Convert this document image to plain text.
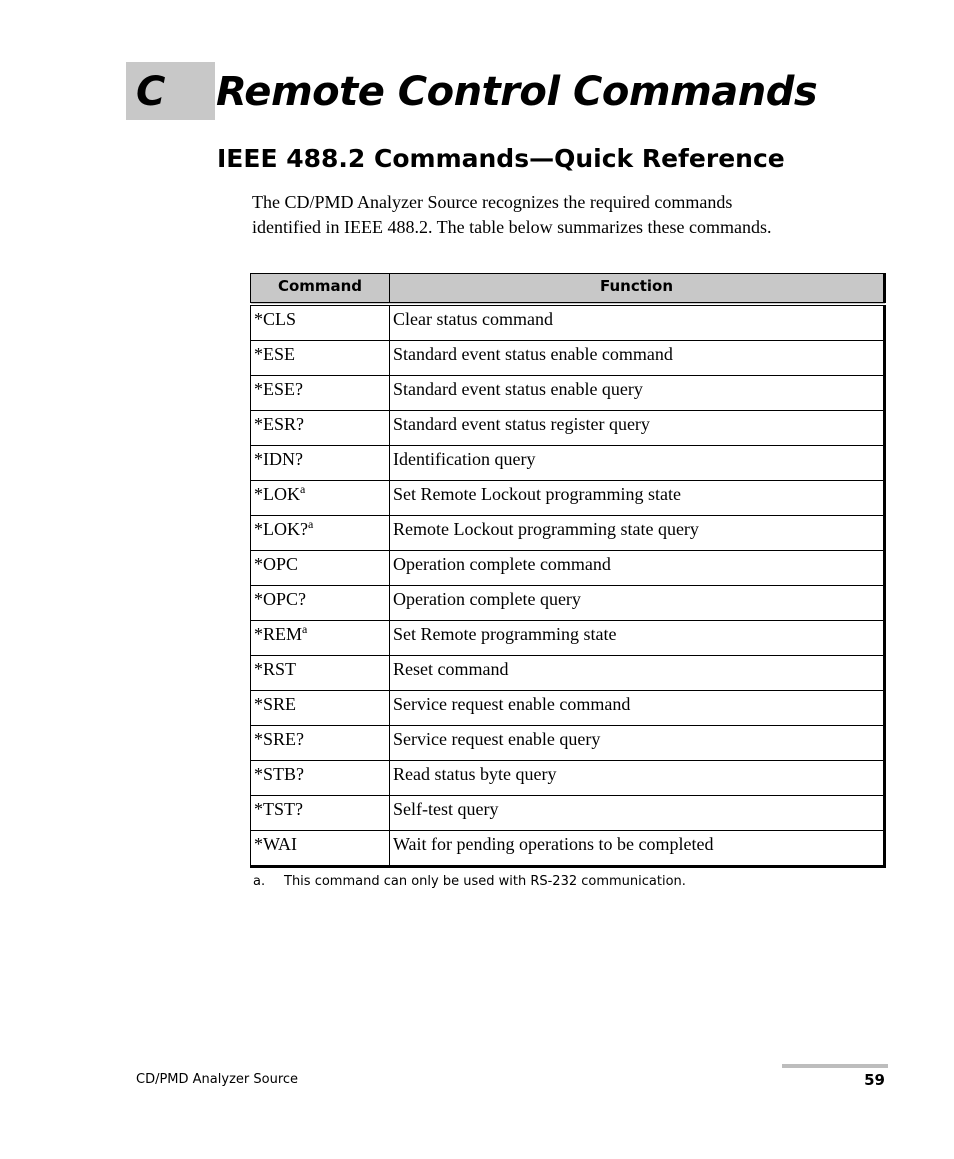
C Remote Control Commands
IEEE 488.2 Commands—Quick Reference
The CD/PMD Analyzer Source recognizes the required commands
identified in IEEE 488.2. The table below summarizes these commands.
Command	Function
*CLS	Clear status command
*ESE	Standard event status enable command
*ESE?	Standard event status enable query
*ESR?	Standard event status register query
*IDN?	Identification query
*LOK$^a$	Set Remote Lockout programming state
*LOK?$^a$	Remote Lockout programming state query
*OPC	Operation complete command
*OPC?	Operation complete query
*REM$^a$	Set Remote programming state
*RST	Reset command
*SRE	Service request enable command
*SRE?	Service request enable query
*STB?	Read status byte query
*TST?	Self-test query
*WAI	Wait for pending operations to be completed
a. This command can only be used with RS-232 communication.
CD/PMD Analyzer Source	59
